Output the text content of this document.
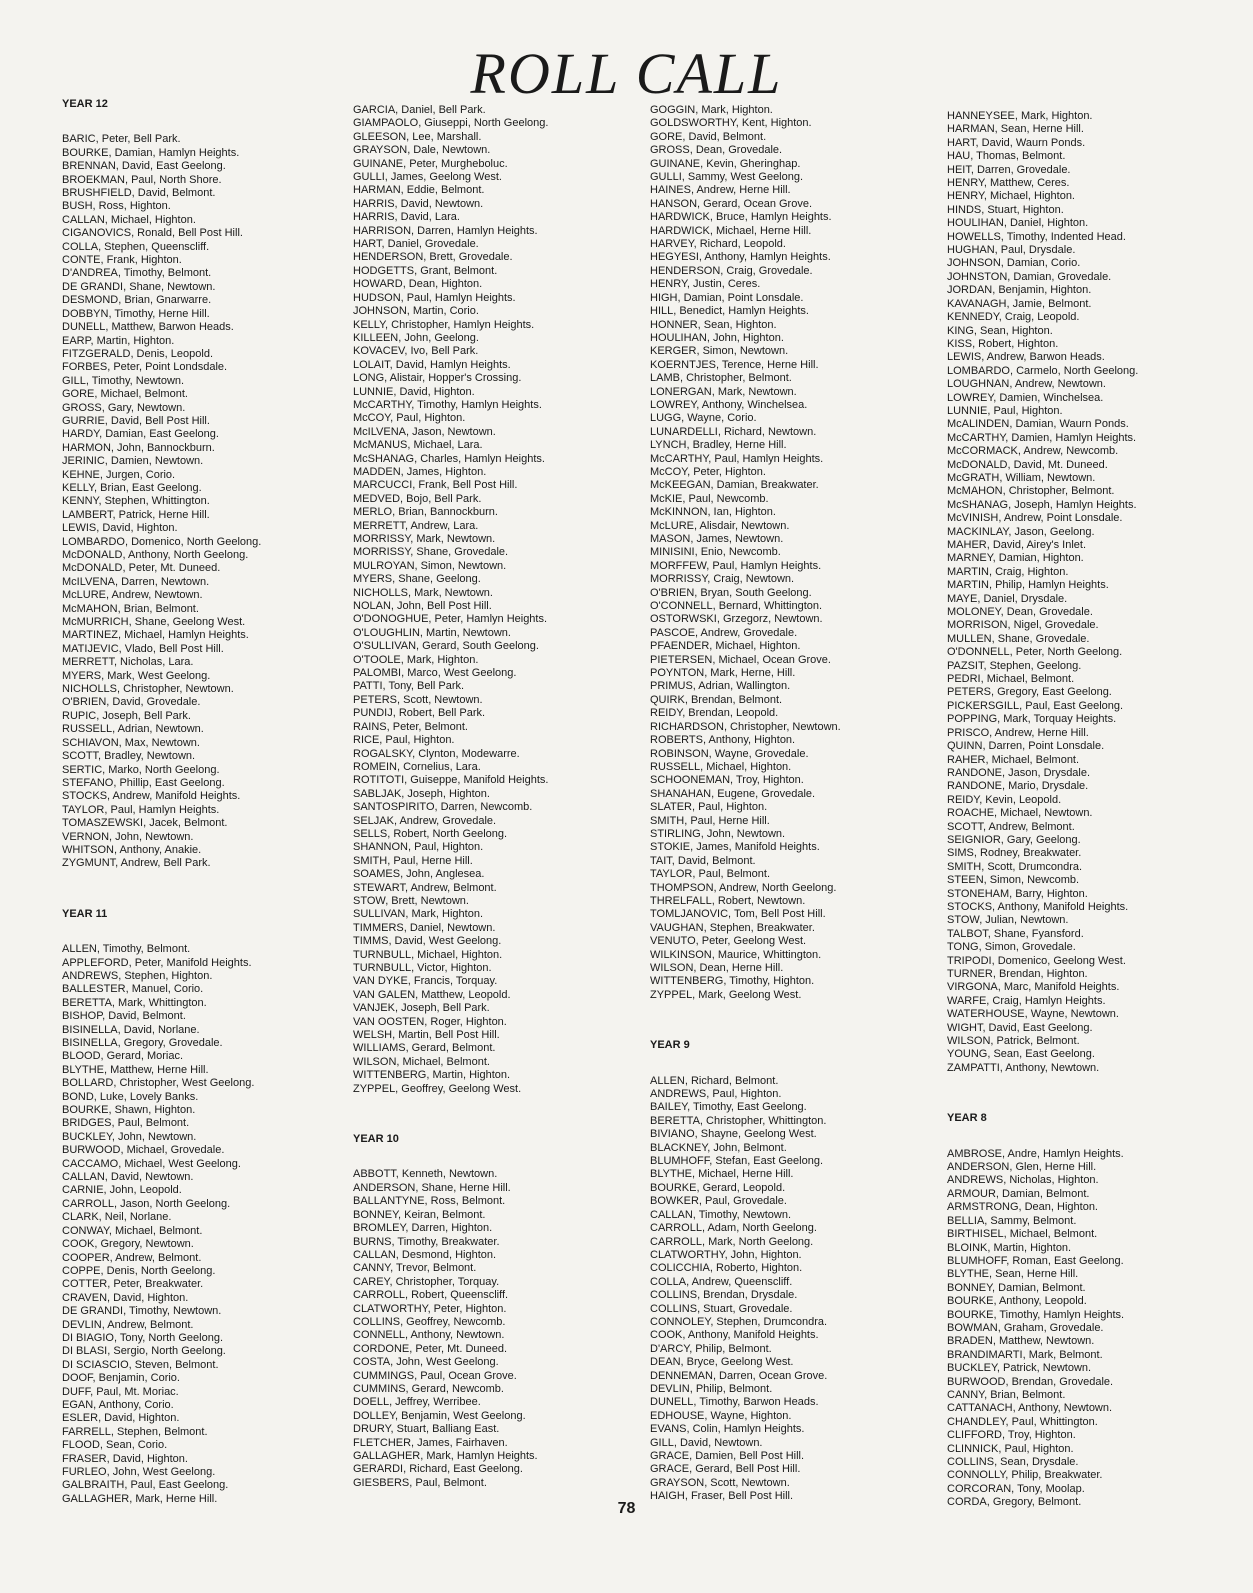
ROLL CALL
YEAR 12
BARIC, Peter, Bell Park.
BOURKE, Damian, Hamlyn Heights.
BRENNAN, David, East Geelong.
BROEKMAN, Paul, North Shore.
BRUSHFIELD, David, Belmont.
BUSH, Ross, Highton.
CALLAN, Michael, Highton.
CIGANOVICS, Ronald, Bell Post Hill.
COLLA, Stephen, Queenscliff.
CONTE, Frank, Highton.
D'ANDREA, Timothy, Belmont.
DE GRANDI, Shane, Newtown.
DESMOND, Brian, Gnarwarre.
DOBBYN, Timothy, Herne Hill.
DUNELL, Matthew, Barwon Heads.
EARP, Martin, Highton.
FITZGERALD, Denis, Leopold.
FORBES, Peter, Point Londsdale.
GILL, Timothy, Newtown.
GORE, Michael, Belmont.
GROSS, Gary, Newtown.
GURRIE, David, Bell Post Hill.
HARDY, Damian, East Geelong.
HARMON, John, Bannockburn.
JERINIC, Damien, Newtown.
KEHNE, Jurgen, Corio.
KELLY, Brian, East Geelong.
KENNY, Stephen, Whittington.
LAMBERT, Patrick, Herne Hill.
LEWIS, David, Highton.
LOMBARDO, Domenico, North Geelong.
McDONALD, Anthony, North Geelong.
McDONALD, Peter, Mt. Duneed.
McILVENA, Darren, Newtown.
McLURE, Andrew, Newtown.
McMAHON, Brian, Belmont.
McMURRICH, Shane, Geelong West.
MARTINEZ, Michael, Hamlyn Heights.
MATIJEVIC, Vlado, Bell Post Hill.
MERRETT, Nicholas, Lara.
MYERS, Mark, West Geelong.
NICHOLLS, Christopher, Newtown.
O'BRIEN, David, Grovedale.
RUPIC, Joseph, Bell Park.
RUSSELL, Adrian, Newtown.
SCHIAVON, Max, Newtown.
SCOTT, Bradley, Newtown.
SERTIC, Marko, North Geelong.
STEFANO, Phillip, East Geelong.
STOCKS, Andrew, Manifold Heights.
TAYLOR, Paul, Hamlyn Heights.
TOMASZEWSKI, Jacek, Belmont.
VERNON, John, Newtown.
WHITSON, Anthony, Anakie.
ZYGMUNT, Andrew, Bell Park.
YEAR 11
ALLEN, Timothy, Belmont.
APPLEFORD, Peter, Manifold Heights.
ANDREWS, Stephen, Highton.
BALLESTER, Manuel, Corio.
BERETTA, Mark, Whittington.
BISHOP, David, Belmont.
BISINELLA, David, Norlane.
BISINELLA, Gregory, Grovedale.
BLOOD, Gerard, Moriac.
BLYTHE, Matthew, Herne Hill.
BOLLARD, Christopher, West Geelong.
BOND, Luke, Lovely Banks.
BOURKE, Shawn, Highton.
BRIDGES, Paul, Belmont.
BUCKLEY, John, Newtown.
BURWOOD, Michael, Grovedale.
CACCAMO, Michael, West Geelong.
CALLAN, David, Newtown.
CARNIE, John, Leopold.
CARROLL, Jason, North Geelong.
CLARK, Neil, Norlane.
CONWAY, Michael, Belmont.
COOK, Gregory, Newtown.
COOPER, Andrew, Belmont.
COPPE, Denis, North Geelong.
COTTER, Peter, Breakwater.
CRAVEN, David, Highton.
DE GRANDI, Timothy, Newtown.
DEVLIN, Andrew, Belmont.
DI BIAGIO, Tony, North Geelong.
DI BLASI, Sergio, North Geelong.
DI SCIASCIO, Steven, Belmont.
DOOF, Benjamin, Corio.
DUFF, Paul, Mt. Moriac.
EGAN, Anthony, Corio.
ESLER, David, Highton.
FARRELL, Stephen, Belmont.
FLOOD, Sean, Corio.
FRASER, David, Highton.
FURLEO, John, West Geelong.
GALBRAITH, Paul, East Geelong.
GALLAGHER, Mark, Herne Hill.
GARCIA, Daniel, Bell Park.
GIAMPAOLO, Giuseppi, North Geelong.
GLEESON, Lee, Marshall.
GRAYSON, Dale, Newtown.
GUINANE, Peter, Murgheboluc.
GULLI, James, Geelong West.
HARMAN, Eddie, Belmont.
HARRIS, David, Newtown.
HARRIS, David, Lara.
HARRISON, Darren, Hamlyn Heights.
HART, Daniel, Grovedale.
HENDERSON, Brett, Grovedale.
HODGETTS, Grant, Belmont.
HOWARD, Dean, Highton.
HUDSON, Paul, Hamlyn Heights.
JOHNSON, Martin, Corio.
KELLY, Christopher, Hamlyn Heights.
KILLEEN, John, Geelong.
KOVACEV, Ivo, Bell Park.
LOLAIT, David, Hamlyn Heights.
LONG, Alistair, Hopper's Crossing.
LUNNIE, David, Highton.
McCARTHY, Timothy, Hamlyn Heights.
McCOY, Paul, Highton.
McILVENA, Jason, Newtown.
McMANUS, Michael, Lara.
McSHANAG, Charles, Hamlyn Heights.
MADDEN, James, Highton.
MARCUCCI, Frank, Bell Post Hill.
MEDVED, Bojo, Bell Park.
MERLO, Brian, Bannockburn.
MERRETT, Andrew, Lara.
MORRISSY, Mark, Newtown.
MORRISSY, Shane, Grovedale.
MULROYAN, Simon, Newtown.
MYERS, Shane, Geelong.
NICHOLLS, Mark, Newtown.
NOLAN, John, Bell Post Hill.
O'DONOGHUE, Peter, Hamlyn Heights.
O'LOUGHLIN, Martin, Newtown.
O'SULLIVAN, Gerard, South Geelong.
O'TOOLE, Mark, Highton.
PALOMBI, Marco, West Geelong.
PATTI, Tony, Bell Park.
PETERS, Scott, Newtown.
PUNDIJ, Robert, Bell Park.
RAINS, Peter, Belmont.
RICE, Paul, Highton.
ROGALSKY, Clynton, Modewarre.
ROMEIN, Cornelius, Lara.
ROTITOTI, Guiseppe, Manifold Heights.
SABLJAK, Joseph, Highton.
SANTOSPIRITO, Darren, Newcomb.
SELJAK, Andrew, Grovedale.
SELLS, Robert, North Geelong.
SHANNON, Paul, Highton.
SMITH, Paul, Herne Hill.
SOAMES, John, Anglesea.
STEWART, Andrew, Belmont.
STOW, Brett, Newtown.
SULLIVAN, Mark, Highton.
TIMMERS, Daniel, Newtown.
TIMMS, David, West Geelong.
TURNBULL, Michael, Highton.
TURNBULL, Victor, Highton.
VAN DYKE, Francis, Torquay.
VAN GALEN, Matthew, Leopold.
VANJEK, Joseph, Bell Park.
VAN OOSTEN, Roger, Highton.
WELSH, Martin, Bell Post Hill.
WILLIAMS, Gerard, Belmont.
WILSON, Michael, Belmont.
WITTENBERG, Martin, Highton.
ZYPPEL, Geoffrey, Geelong West.
YEAR 10
ABBOTT, Kenneth, Newtown.
ANDERSON, Shane, Herne Hill.
BALLANTYNE, Ross, Belmont.
BONNEY, Keiran, Belmont.
BROMLEY, Darren, Highton.
BURNS, Timothy, Breakwater.
CALLAN, Desmond, Highton.
CANNY, Trevor, Belmont.
CAREY, Christopher, Torquay.
CARROLL, Robert, Queenscliff.
CLATWORTHY, Peter, Highton.
COLLINS, Geoffrey, Newcomb.
CONNELL, Anthony, Newtown.
CORDONE, Peter, Mt. Duneed.
COSTA, John, West Geelong.
CUMMINGS, Paul, Ocean Grove.
CUMMINS, Gerard, Newcomb.
DOELL, Jeffrey, Werribee.
DOLLEY, Benjamin, West Geelong.
DRURY, Stuart, Balliang East.
FLETCHER, James, Fairhaven.
GALLAGHER, Mark, Hamlyn Heights.
GERARDI, Richard, East Geelong.
GIESBERS, Paul, Belmont.
GOGGIN, Mark, Highton.
GOLDSWORTHY, Kent, Highton.
GORE, David, Belmont.
GROSS, Dean, Grovedale.
GUINANE, Kevin, Gheringhap.
GULLI, Sammy, West Geelong.
HAINES, Andrew, Herne Hill.
HANSON, Gerard, Ocean Grove.
HARDWICK, Bruce, Hamlyn Heights.
HARDWICK, Michael, Herne Hill.
HARVEY, Richard, Leopold.
HEGYESI, Anthony, Hamlyn Heights.
HENDERSON, Craig, Grovedale.
HENRY, Justin, Ceres.
HIGH, Damian, Point Lonsdale.
HILL, Benedict, Hamlyn Heights.
HONNER, Sean, Highton.
HOULIHAN, John, Highton.
KERGER, Simon, Newtown.
KOERNTJES, Terence, Herne Hill.
LAMB, Christopher, Belmont.
LONERGAN, Mark, Newtown.
LOWREY, Anthony, Winchelsea.
LUGG, Wayne, Corio.
LUNARDELLI, Richard, Newtown.
LYNCH, Bradley, Herne Hill.
McCARTHY, Paul, Hamlyn Heights.
McCOY, Peter, Highton.
McKEEGAN, Damian, Breakwater.
McKIE, Paul, Newcomb.
McKINNON, Ian, Highton.
McLURE, Alisdair, Newtown.
MASON, James, Newtown.
MINISINI, Enio, Newcomb.
MORFFEW, Paul, Hamlyn Heights.
MORRISSY, Craig, Newtown.
O'BRIEN, Bryan, South Geelong.
O'CONNELL, Bernard, Whittington.
OSTORWSKI, Grzegorz, Newtown.
PASCOE, Andrew, Grovedale.
PFAENDER, Michael, Highton.
PIETERSEN, Michael, Ocean Grove.
POYNTON, Mark, Herne, Hill.
PRIMUS, Adrian, Wallington.
QUIRK, Brendan, Belmont.
REIDY, Brendan, Leopold.
RICHARDSON, Christopher, Newtown.
ROBERTS, Anthony, Highton.
ROBINSON, Wayne, Grovedale.
RUSSELL, Michael, Highton.
SCHOONEMAN, Troy, Highton.
SHANAHAN, Eugene, Grovedale.
SLATER, Paul, Highton.
SMITH, Paul, Herne Hill.
STIRLING, John, Newtown.
STOKIE, James, Manifold Heights.
TAIT, David, Belmont.
TAYLOR, Paul, Belmont.
THOMPSON, Andrew, North Geelong.
THRELFALL, Robert, Newtown.
TOMLJANOVIC, Tom, Bell Post Hill.
VAUGHAN, Stephen, Breakwater.
VENUTO, Peter, Geelong West.
WILKINSON, Maurice, Whittington.
WILSON, Dean, Herne Hill.
WITTENBERG, Timothy, Highton.
ZYPPEL, Mark, Geelong West.
YEAR 9
ALLEN, Richard, Belmont.
ANDREWS, Paul, Highton.
BAILEY, Timothy, East Geelong.
BERETTA, Christopher, Whittington.
BIVIANO, Shayne, Geelong West.
BLACKNEY, John, Belmont.
BLUMHOFF, Stefan, East Geelong.
BLYTHE, Michael, Herne Hill.
BOURKE, Gerard, Leopold.
BOWKER, Paul, Grovedale.
CALLAN, Timothy, Newtown.
CARROLL, Adam, North Geelong.
CARROLL, Mark, North Geelong.
CLATWORTHY, John, Highton.
COLICCHIA, Roberto, Highton.
COLLA, Andrew, Queenscliff.
COLLINS, Brendan, Drysdale.
COLLINS, Stuart, Grovedale.
CONNOLEY, Stephen, Drumcondra.
COOK, Anthony, Manifold Heights.
D'ARCY, Philip, Belmont.
DEAN, Bryce, Geelong West.
DENNEMAN, Darren, Ocean Grove.
DEVLIN, Philip, Belmont.
DUNELL, Timothy, Barwon Heads.
EDHOUSE, Wayne, Highton.
EVANS, Colin, Hamlyn Heights.
GILL, David, Newtown.
GRACE, Damien, Bell Post Hill.
GRACE, Gerard, Bell Post Hill.
GRAYSON, Scott, Newtown.
HAIGH, Fraser, Bell Post Hill.
HANNEYSEE, Mark, Highton.
HARMAN, Sean, Herne Hill.
HART, David, Waurn Ponds.
HAU, Thomas, Belmont.
HEIT, Darren, Grovedale.
HENRY, Matthew, Ceres.
HENRY, Michael, Highton.
HINDS, Stuart, Highton.
HOULIHAN, Daniel, Highton.
HOWELLS, Timothy, Indented Head.
HUGHAN, Paul, Drysdale.
JOHNSON, Damian, Corio.
JOHNSTON, Damian, Grovedale.
JORDAN, Benjamin, Highton.
KAVANAGH, Jamie, Belmont.
KENNEDY, Craig, Leopold.
KING, Sean, Highton.
KISS, Robert, Highton.
LEWIS, Andrew, Barwon Heads.
LOMBARDO, Carmelo, North Geelong.
LOUGHNAN, Andrew, Newtown.
LOWREY, Damien, Winchelsea.
LUNNIE, Paul, Highton.
McALINDEN, Damian, Waurn Ponds.
McCARTHY, Damien, Hamlyn Heights.
McCORMACK, Andrew, Newcomb.
McDONALD, David, Mt. Duneed.
McGRATH, William, Newtown.
McMAHON, Christopher, Belmont.
McSHANAG, Joseph, Hamlyn Heights.
McVINISH, Andrew, Point Lonsdale.
MACKINLAY, Jason, Geelong.
MAHER, David, Airey's Inlet.
MARNEY, Damian, Highton.
MARTIN, Craig, Highton.
MARTIN, Philip, Hamlyn Heights.
MAYE, Daniel, Drysdale.
MOLONEY, Dean, Grovedale.
MORRISON, Nigel, Grovedale.
MULLEN, Shane, Grovedale.
O'DONNELL, Peter, North Geelong.
PAZSIT, Stephen, Geelong.
PEDRI, Michael, Belmont.
PETERS, Gregory, East Geelong.
PICKERSGILL, Paul, East Geelong.
POPPING, Mark, Torquay Heights.
PRISCO, Andrew, Herne Hill.
QUINN, Darren, Point Lonsdale.
RAHER, Michael, Belmont.
RANDONE, Jason, Drysdale.
RANDONE, Mario, Drysdale.
REIDY, Kevin, Leopold.
ROACHE, Michael, Newtown.
SCOTT, Andrew, Belmont.
SEIGNIOR, Gary, Geelong.
SIMS, Rodney, Breakwater.
SMITH, Scott, Drumcondra.
STEEN, Simon, Newcomb.
STONEHAM, Barry, Highton.
STOCKS, Anthony, Manifold Heights.
STOW, Julian, Newtown.
TALBOT, Shane, Fyansford.
TONG, Simon, Grovedale.
TRIPODI, Domenico, Geelong West.
TURNER, Brendan, Highton.
VIRGONA, Marc, Manifold Heights.
WARFE, Craig, Hamlyn Heights.
WATERHOUSE, Wayne, Newtown.
WIGHT, David, East Geelong.
WILSON, Patrick, Belmont.
YOUNG, Sean, East Geelong.
ZAMPATTI, Anthony, Newtown.
YEAR 8
AMBROSE, Andre, Hamlyn Heights.
ANDERSON, Glen, Herne Hill.
ANDREWS, Nicholas, Highton.
ARMOUR, Damian, Belmont.
ARMSTRONG, Dean, Highton.
BELLIA, Sammy, Belmont.
BIRTHISEL, Michael, Belmont.
BLOINK, Martin, Highton.
BLUMHOFF, Roman, East Geelong.
BLYTHE, Sean, Herne Hill.
BONNEY, Damian, Belmont.
BOURKE, Anthony, Leopold.
BOURKE, Timothy, Hamlyn Heights.
BOWMAN, Graham, Grovedale.
BRADEN, Matthew, Newtown.
BRANDIMARTI, Mark, Belmont.
BUCKLEY, Patrick, Newtown.
BURWOOD, Brendan, Grovedale.
CANNY, Brian, Belmont.
CATTANACH, Anthony, Newtown.
CHANDLEY, Paul, Whittington.
CLIFFORD, Troy, Highton.
CLINNICK, Paul, Highton.
COLLINS, Sean, Drysdale.
CONNOLLY, Philip, Breakwater.
CORCORAN, Tony, Moolap.
CORDA, Gregory, Belmont.
78
